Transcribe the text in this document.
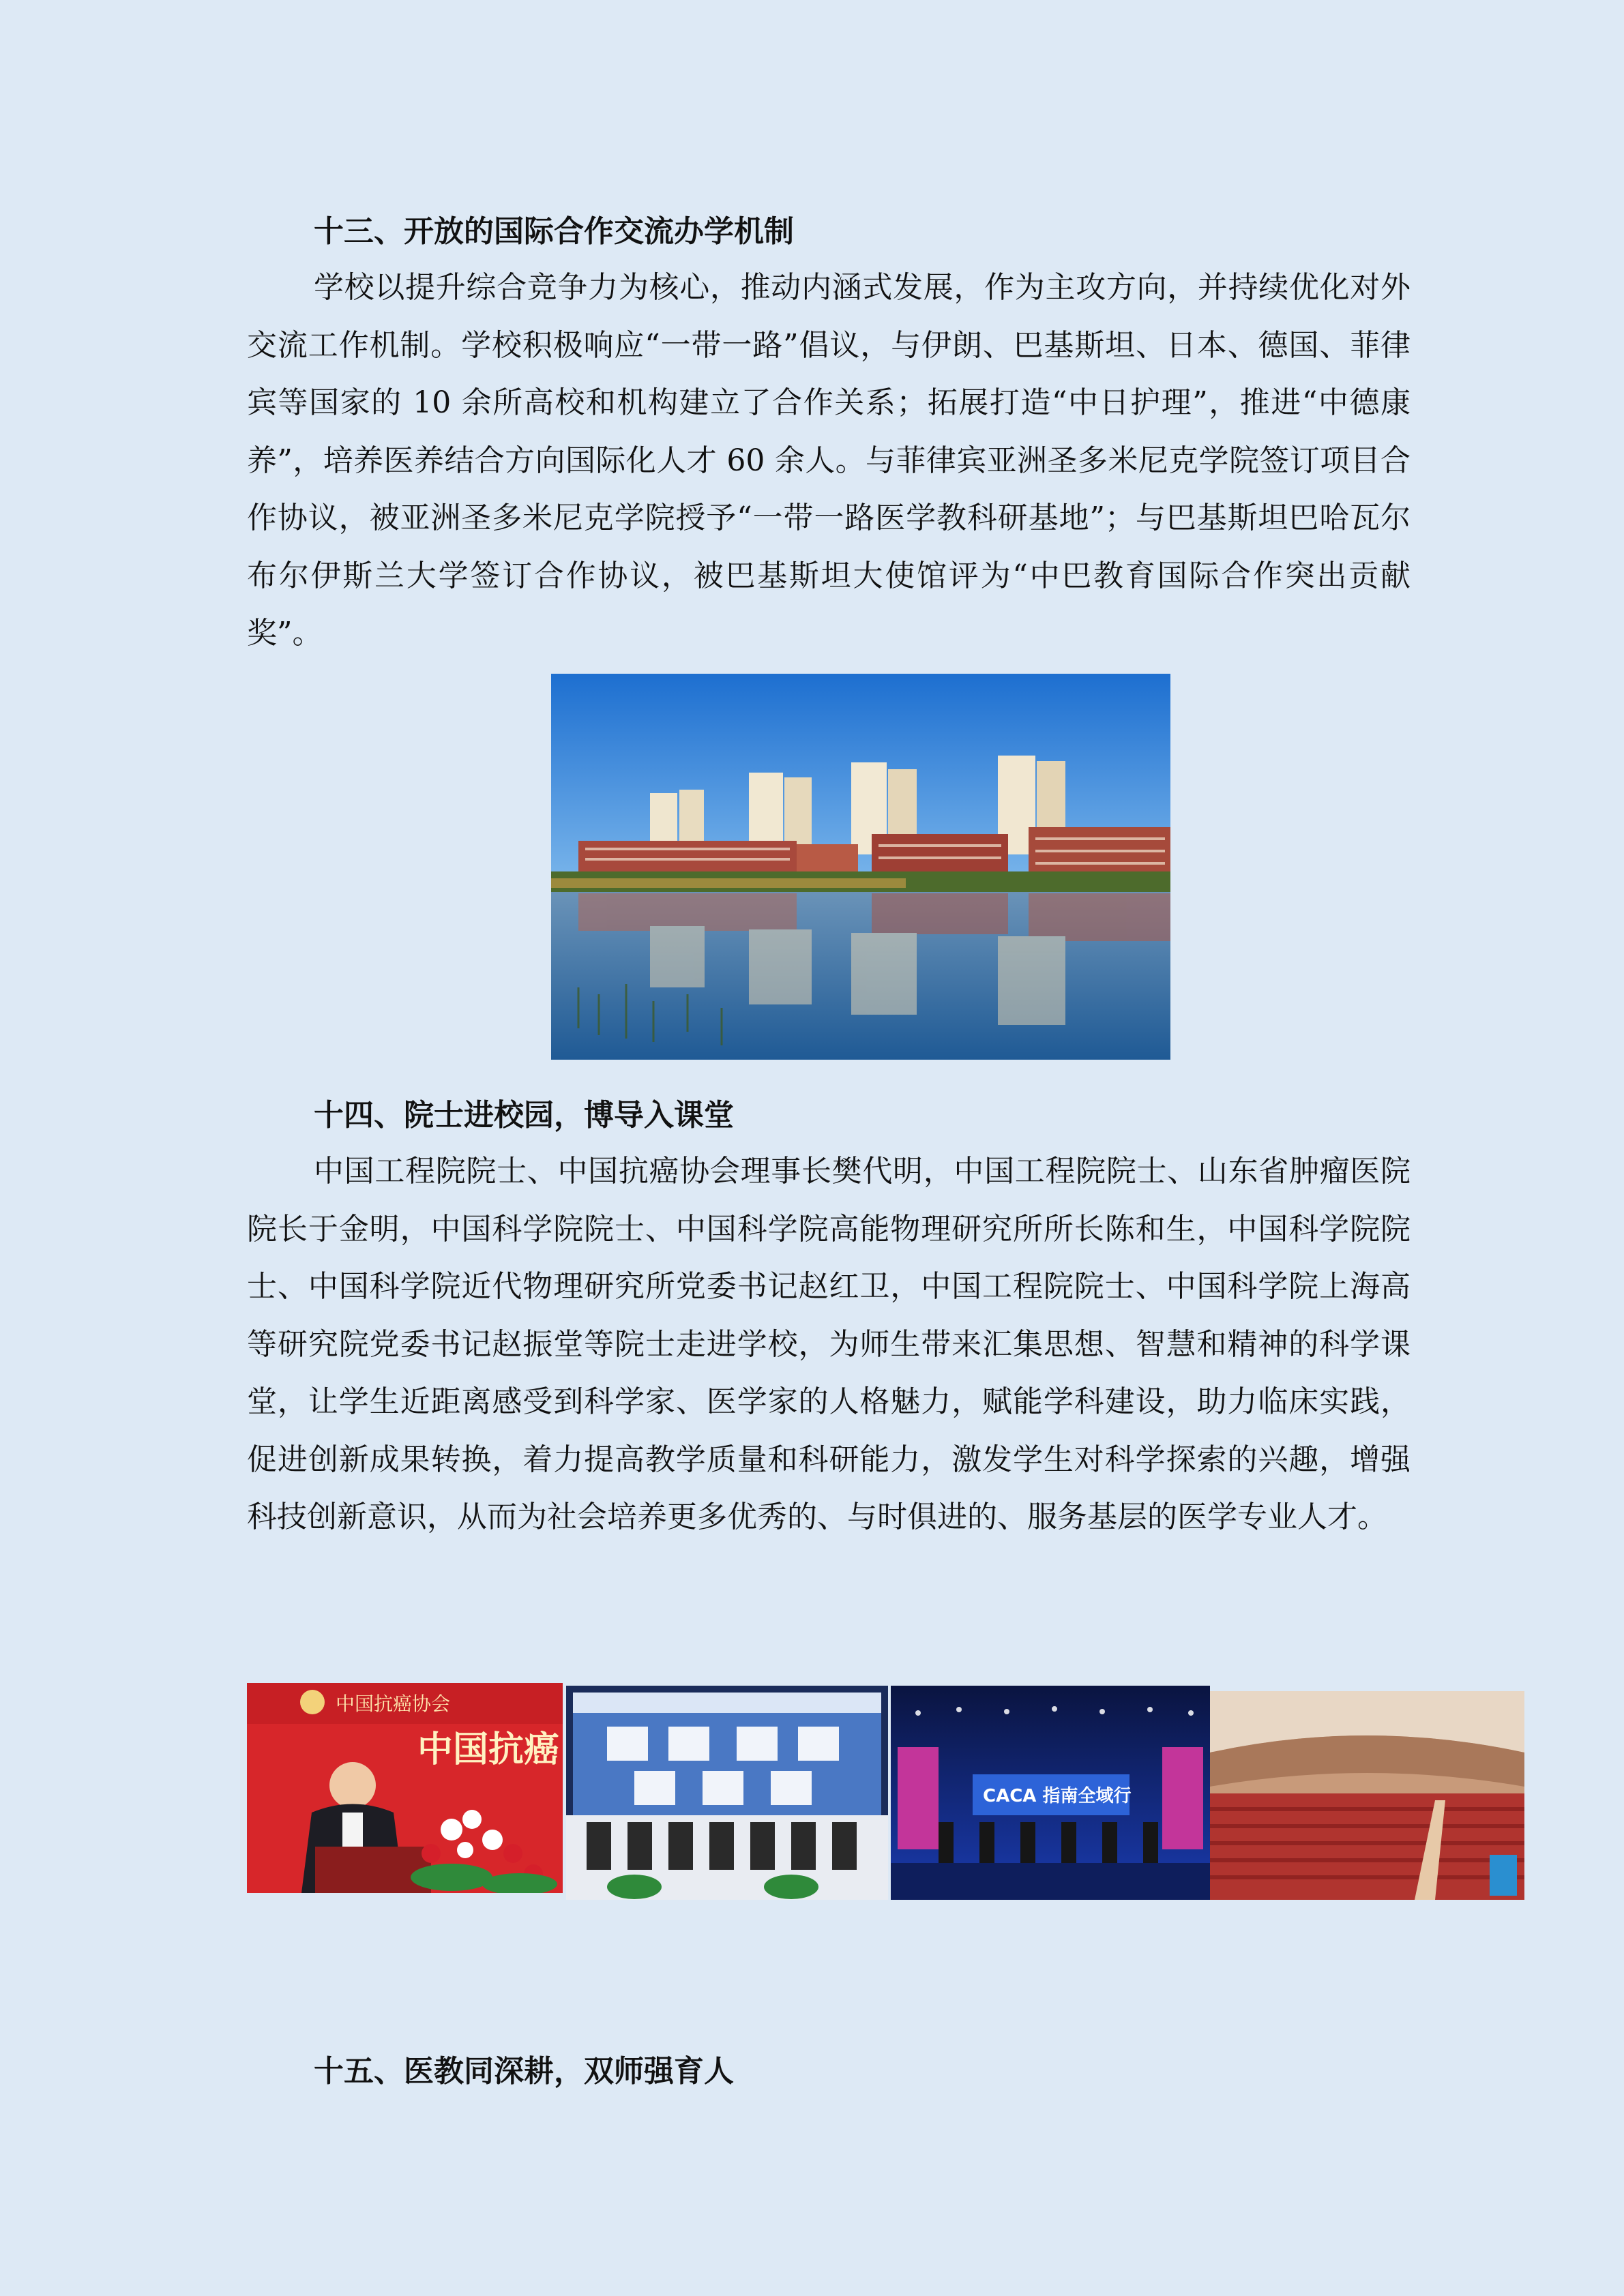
十三、开放的国际合作交流办学机制

学校以提升综合竞争力为核心，推动内涵式发展，作为主攻方向，并持续优化对外交流工作机制。学校积极响应“一带一路”倡议，与伊朗、巴基斯坦、日本、德国、菲律宾等国家的 10 余所高校和机构建立了合作关系；拓展打造“中日护理”，推进“中德康养”，培养医养结合方向国际化人才 60 余人。与菲律宾亚洲圣多米尼克学院签订项目合作协议，被亚洲圣多米尼克学院授予“一带一路医学教科研基地”；与巴基斯坦巴哈瓦尔布尔伊斯兰大学签订合作协议，被巴基斯坦大使馆评为“中巴教育国际合作突出贡献奖”。

十四、院士进校园，博导入课堂

中国工程院院士、中国抗癌协会理事长樊代明，中国工程院院士、山东省肿瘤医院院长于金明，中国科学院院士、中国科学院高能物理研究所所长陈和生，中国科学院院士、中国科学院近代物理研究所党委书记赵红卫，中国工程院院士、中国科学院上海高等研究院党委书记赵振堂等院士走进学校，为师生带来汇集思想、智慧和精神的科学课堂，让学生近距离感受到科学家、医学家的人格魅力，赋能学科建设，助力临床实践，促进创新成果转换，着力提高教学质量和科研能力，激发学生对科学探索的兴趣，增强科技创新意识，从而为社会培养更多优秀的、与时俱进的、服务基层的医学专业人才。

中国抗癌协会
中国抗癌
CACA 指南全域行
十五、医教同深耕，双师强育人
